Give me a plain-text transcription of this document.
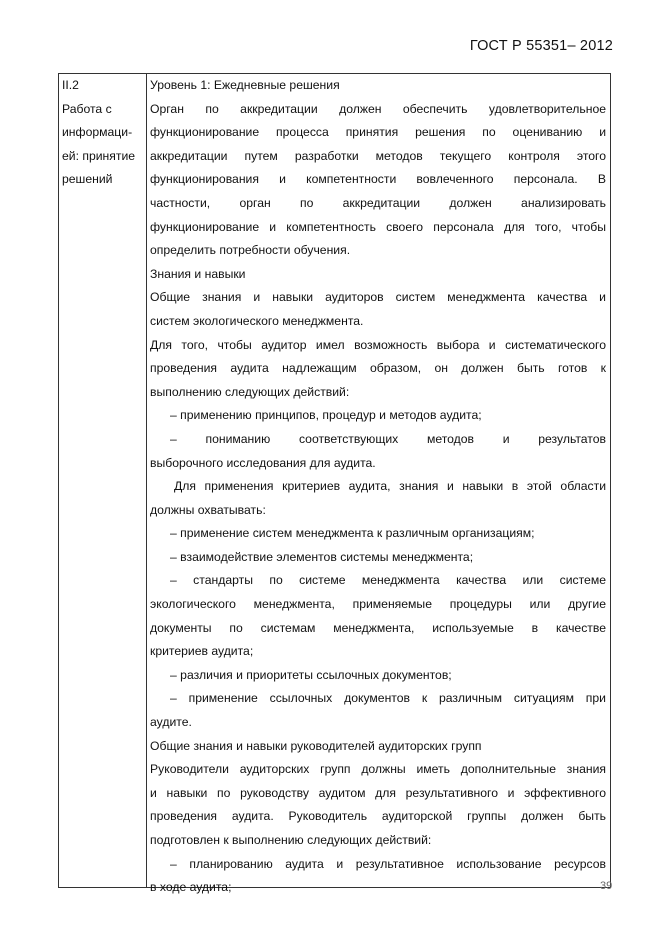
ГОСТ Р 55351– 2012
II.2
Работа с
информаци-
ей: принятие
решений
Уровень 1: Ежедневные решения
Орган по аккредитации должен обеспечить удовлетворительное
функционирование процесса принятия решения по оцениванию и
аккредитации путем разработки методов текущего контроля этого
функционирования и компетентности вовлеченного персонала. В
частности, орган по аккредитации должен анализировать
функционирование и компетентность своего персонала для того, чтобы
определить потребности обучения.
Знания и навыки
Общие знания и навыки аудиторов систем менеджмента качества и
систем экологического менеджмента.
Для того, чтобы аудитор имел возможность выбора и систематического
проведения аудита надлежащим образом, он должен быть готов к
выполнению следующих действий:
– применению принципов, процедур и методов аудита;
– пониманию соответствующих методов и результатов
выборочного исследования для аудита.
Для применения критериев аудита, знания и навыки в этой области
должны охватывать:
– применение систем менеджмента к различным организациям;
– взаимодействие элементов системы менеджмента;
– стандарты по системе менеджмента качества или системе
экологического менеджмента, применяемые процедуры или другие
документы по системам менеджмента, используемые в качестве
критериев аудита;
– различия и приоритеты ссылочных документов;
– применение ссылочных документов к различным ситуациям при
аудите.
Общие знания и навыки руководителей аудиторских групп
Руководители аудиторских групп должны иметь дополнительные знания
и навыки по руководству аудитом для результативного и эффективного
проведения аудита. Руководитель аудиторской группы должен быть
подготовлен к выполнению следующих действий:
– планированию аудита и результативное использование ресурсов
в ходе аудита;	39
